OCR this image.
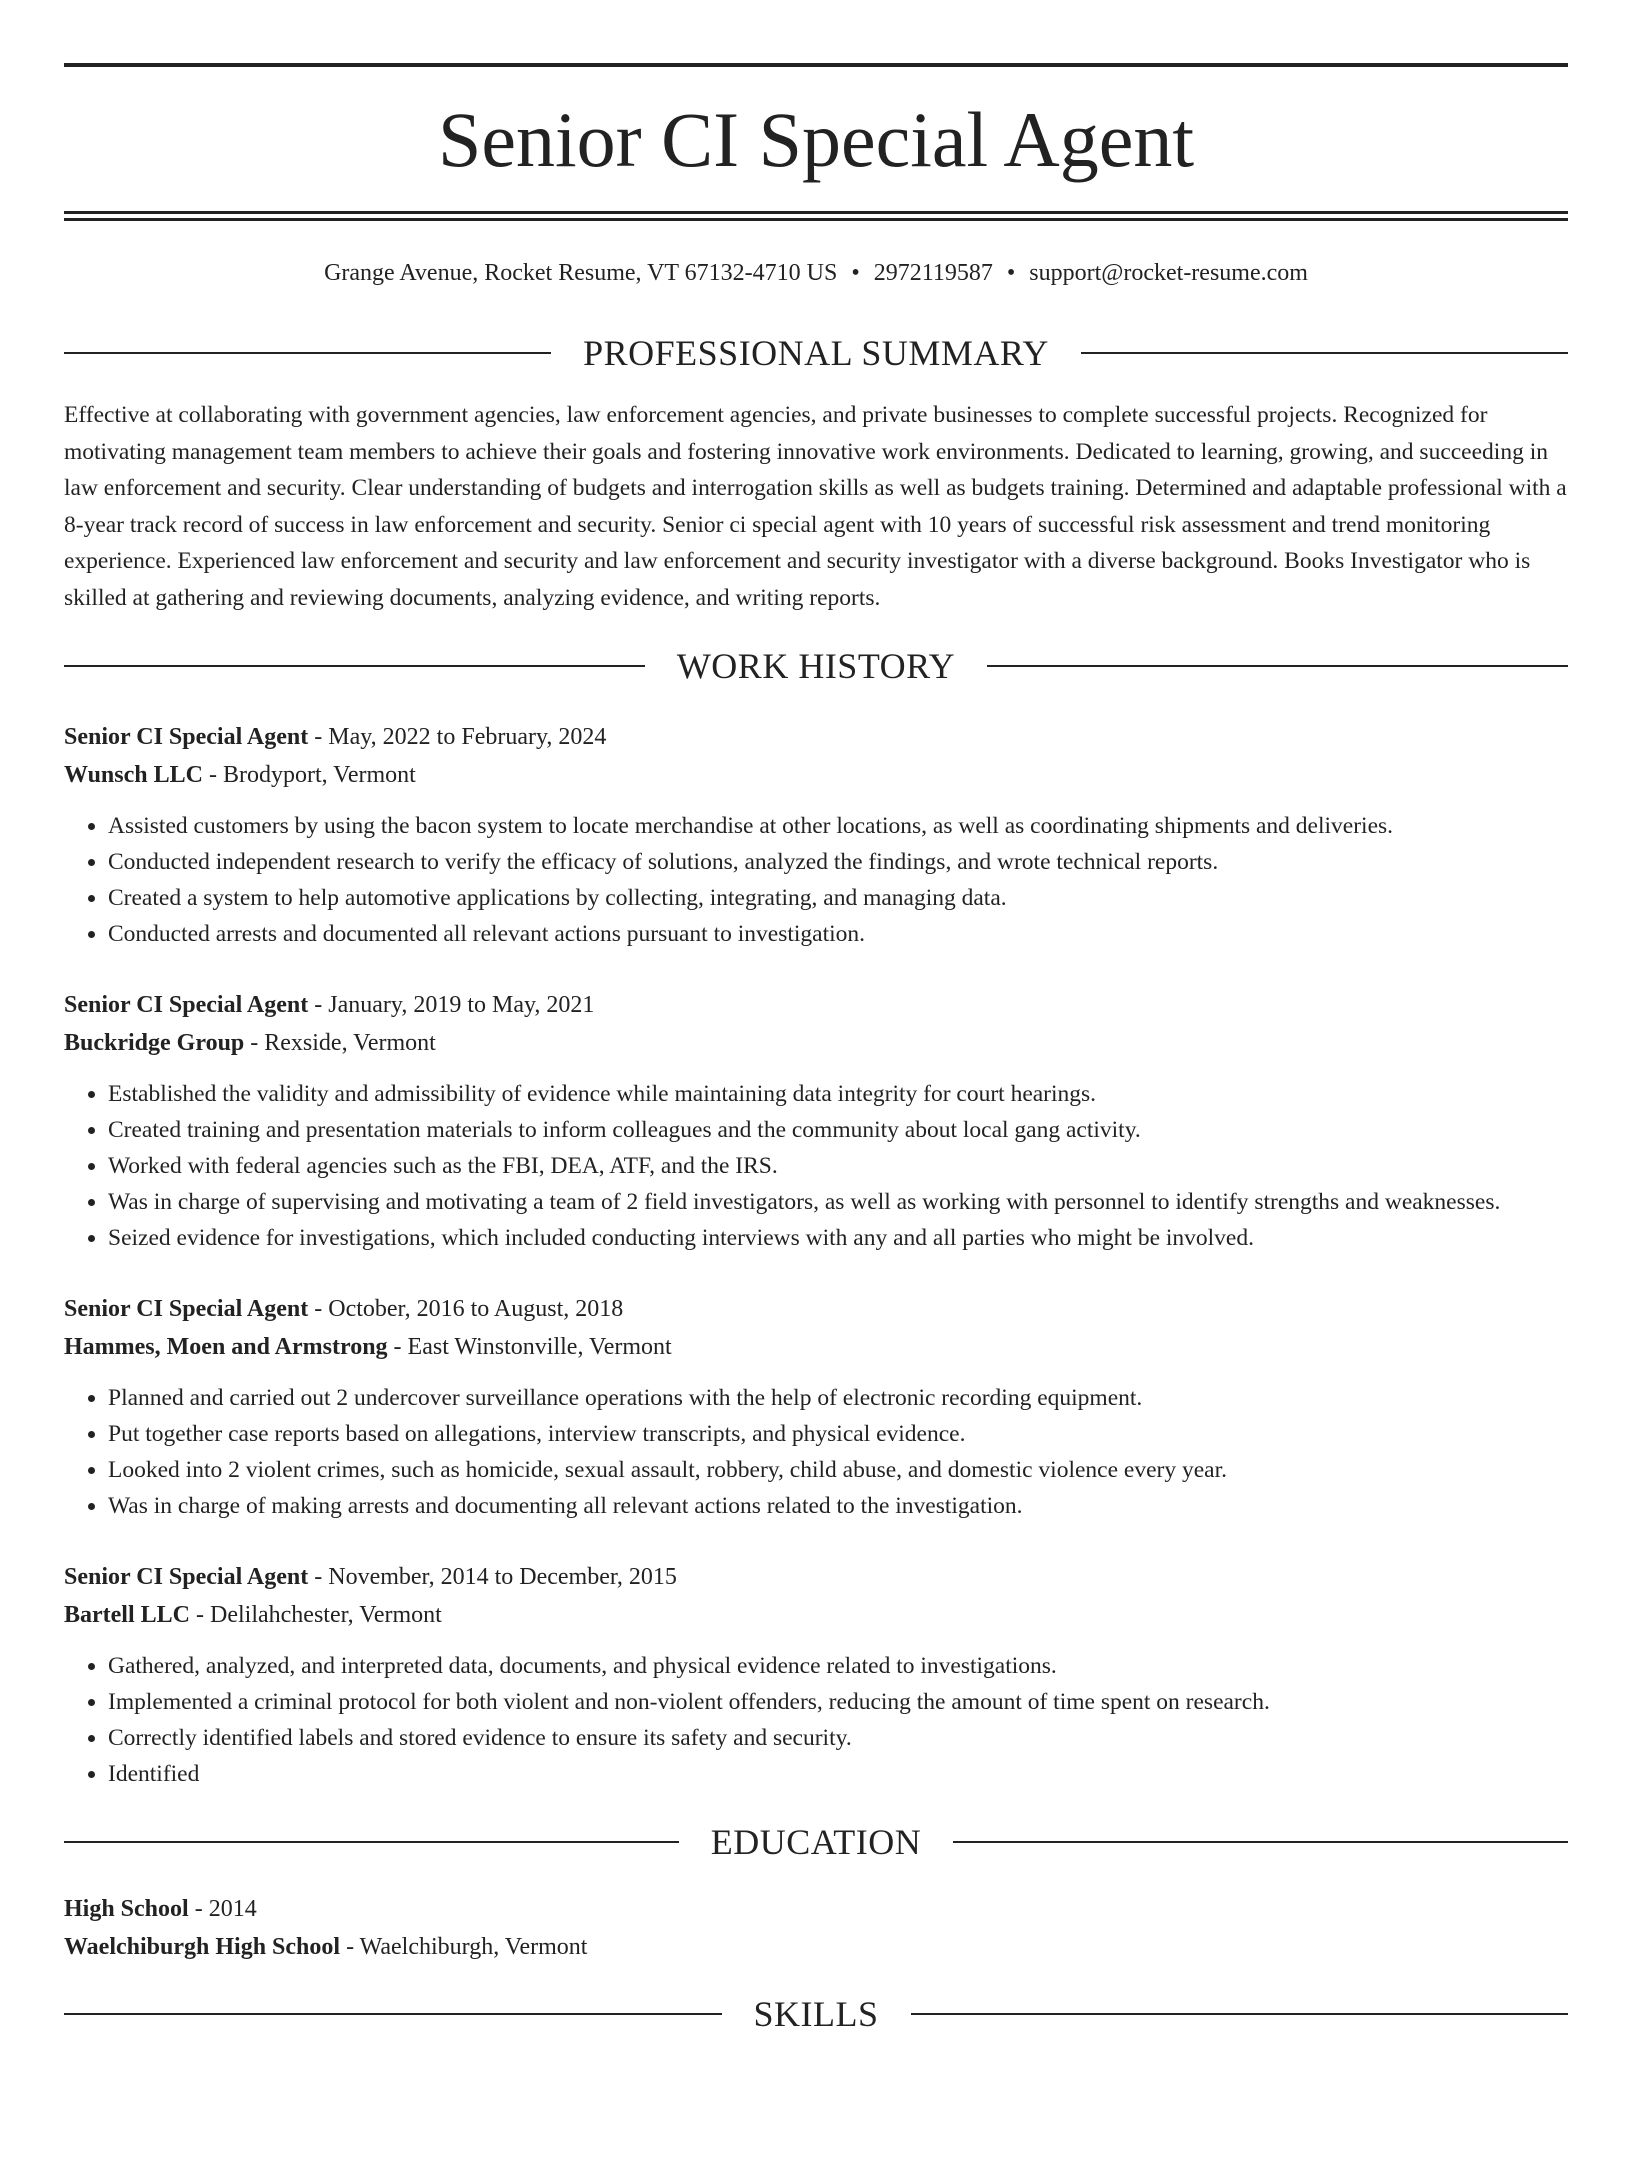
Senior CI Special Agent
Grange Avenue, Rocket Resume, VT 67132-4710 US • 2972119587 • support@rocket-resume.com
PROFESSIONAL SUMMARY
Effective at collaborating with government agencies, law enforcement agencies, and private businesses to complete successful projects. Recognized for motivating management team members to achieve their goals and fostering innovative work environments. Dedicated to learning, growing, and succeeding in law enforcement and security. Clear understanding of budgets and interrogation skills as well as budgets training. Determined and adaptable professional with a 8-year track record of success in law enforcement and security. Senior ci special agent with 10 years of successful risk assessment and trend monitoring experience. Experienced law enforcement and security and law enforcement and security investigator with a diverse background. Books Investigator who is skilled at gathering and reviewing documents, analyzing evidence, and writing reports.
WORK HISTORY
Senior CI Special Agent - May, 2022 to February, 2024
Wunsch LLC - Brodyport, Vermont
• Assisted customers by using the bacon system to locate merchandise at other locations, as well as coordinating shipments and deliveries.
• Conducted independent research to verify the efficacy of solutions, analyzed the findings, and wrote technical reports.
• Created a system to help automotive applications by collecting, integrating, and managing data.
• Conducted arrests and documented all relevant actions pursuant to investigation.
Senior CI Special Agent - January, 2019 to May, 2021
Buckridge Group - Rexside, Vermont
• Established the validity and admissibility of evidence while maintaining data integrity for court hearings.
• Created training and presentation materials to inform colleagues and the community about local gang activity.
• Worked with federal agencies such as the FBI, DEA, ATF, and the IRS.
• Was in charge of supervising and motivating a team of 2 field investigators, as well as working with personnel to identify strengths and weaknesses.
• Seized evidence for investigations, which included conducting interviews with any and all parties who might be involved.
Senior CI Special Agent - October, 2016 to August, 2018
Hammes, Moen and Armstrong - East Winstonville, Vermont
• Planned and carried out 2 undercover surveillance operations with the help of electronic recording equipment.
• Put together case reports based on allegations, interview transcripts, and physical evidence.
• Looked into 2 violent crimes, such as homicide, sexual assault, robbery, child abuse, and domestic violence every year.
• Was in charge of making arrests and documenting all relevant actions related to the investigation.
Senior CI Special Agent - November, 2014 to December, 2015
Bartell LLC - Delilahchester, Vermont
• Gathered, analyzed, and interpreted data, documents, and physical evidence related to investigations.
• Implemented a criminal protocol for both violent and non-violent offenders, reducing the amount of time spent on research.
• Correctly identified labels and stored evidence to ensure its safety and security.
• Identified
EDUCATION
High School - 2014
Waelchiburgh High School - Waelchiburgh, Vermont
SKILLS
